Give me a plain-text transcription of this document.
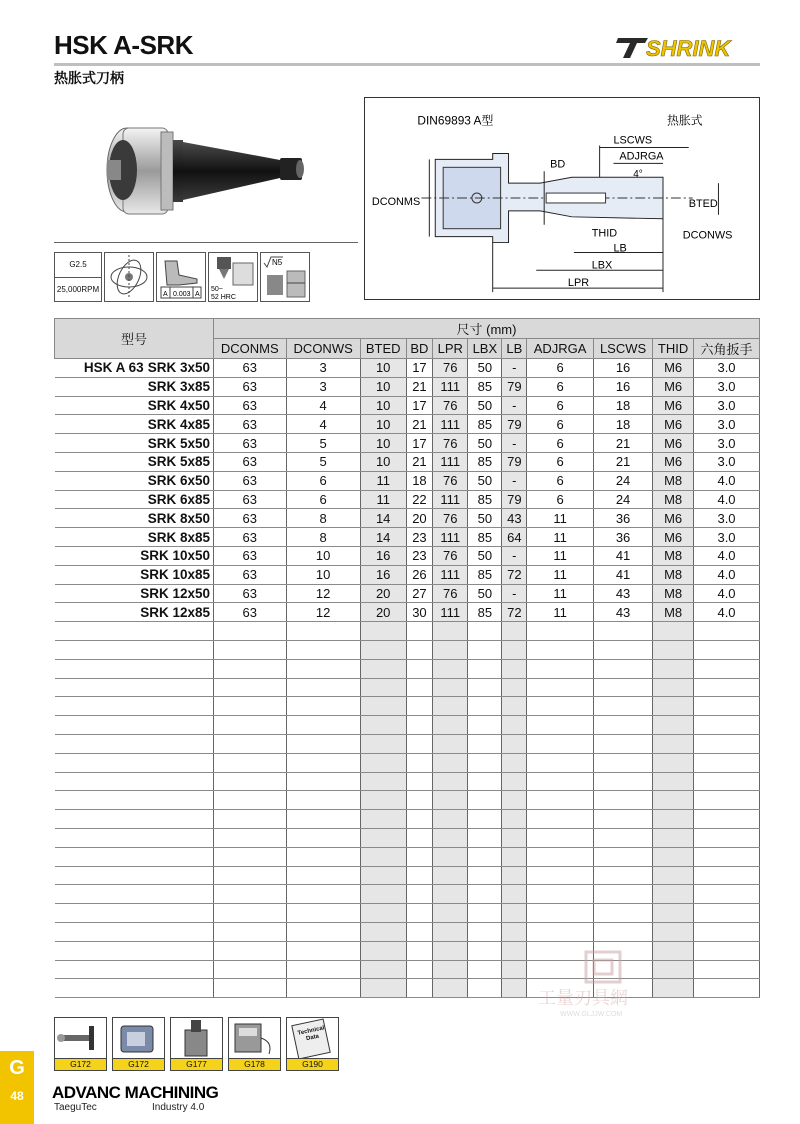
HSK A-SRK
热胀式刀柄
SHRINK
G2.5
25,000RPM
A 0.003 A
50~
52 HRC
N5
DIN69893 A型	热胀式
DCONMS
BD
LSCWS
ADJRGA
4°
BTED
DCONWS
THID
LB
LBX
LPR
型号	尺寸 (mm)										
	DCONMS	DCONWS	BTED	BD	LPR	LBX	LB	ADJRGA	LSCWS	THID	六角扳手
HSK A 63 SRK 3x50	63	3	10	17	76	50	-	6	16	M6	3.0
SRK 3x85	63	3	10	21	111	85	79	6	16	M6	3.0
SRK 4x50	63	4	10	17	76	50	-	6	18	M6	3.0
SRK 4x85	63	4	10	21	111	85	79	6	18	M6	3.0
SRK 5x50	63	5	10	17	76	50	-	6	21	M6	3.0
SRK 5x85	63	5	10	21	111	85	79	6	21	M6	3.0
SRK 6x50	63	6	11	18	76	50	-	6	24	M8	4.0
SRK 6x85	63	6	11	22	111	85	79	6	24	M8	4.0
SRK 8x50	63	8	14	20	76	50	43	11	36	M6	3.0
SRK 8x85	63	8	14	23	111	85	64	11	36	M6	3.0
SRK 10x50	63	10	16	23	76	50	-	11	41	M8	4.0
SRK 10x85	63	10	16	26	111	85	72	11	41	M8	4.0
SRK 12x50	63	12	20	27	76	50	-	11	43	M8	4.0
SRK 12x85	63	12	20	30	111	85	72	11	43	M8	4.0

工量刃具網
WWW.GLJJW.COM
G172	G172	G177	G178
Technical Data
G190
G
48	ADVANC MACHINING
TaeguTec	Industry 4.0
